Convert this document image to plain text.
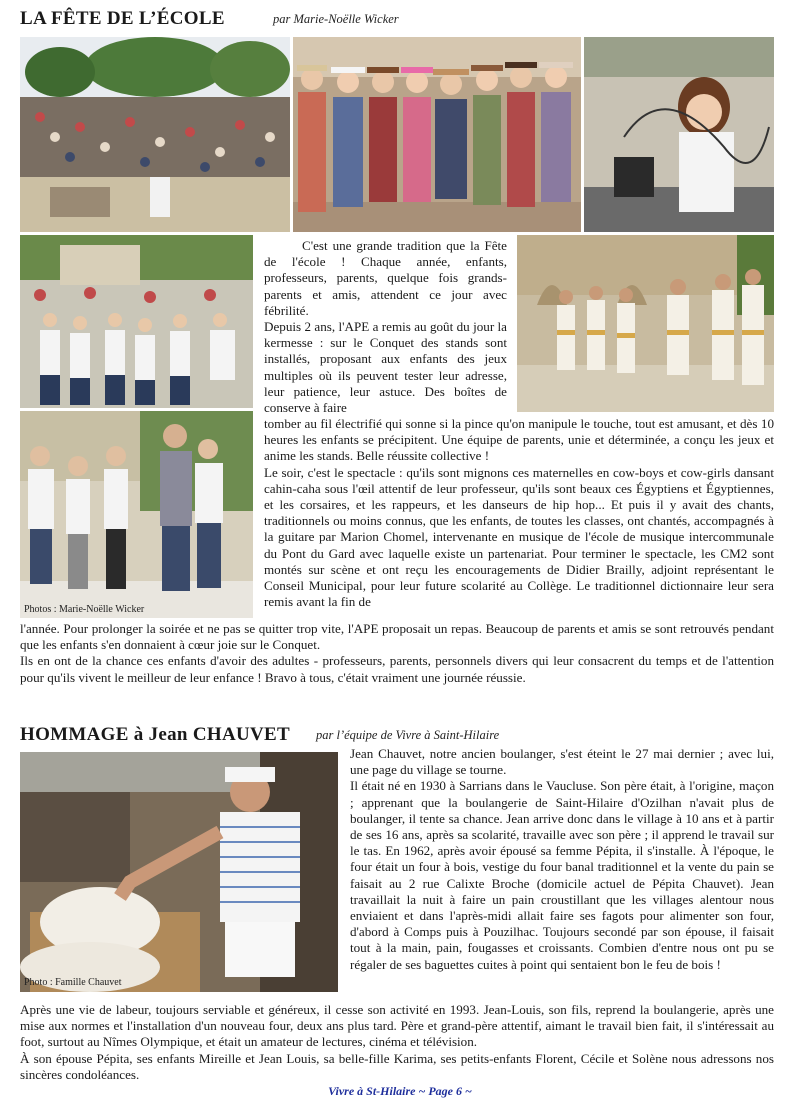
LA FÊTE DE L’ÉCOLE	par Marie-Noëlle Wicker
Photos : Marie-Noëlle Wicker

C'est une grande tradition que la Fête de l'école ! Chaque année, enfants, professeurs, parents, quelque fois grands-parents et amis, attendent ce jour avec fébrilité.

Depuis 2 ans, l'APE a remis au goût du jour la kermesse : sur le Conquet des stands sont installés, proposant aux enfants des jeux multiples où ils peuvent tester leur adresse, leur patience, leur astuce. Des boîtes de conserve à faire

tomber au fil électrifié qui sonne si la pince qu'on manipule le touche, tout est amusant, et dès 10 heures les enfants se précipitent. Une équipe de parents, unie et déterminée, a conçu les jeux et anime les stands. Belle réussite collective !

Le soir, c'est le spectacle : qu'ils sont mignons ces maternelles en cow-boys et cow-girls dansant cahin-caha sous l'œil attentif de leur professeur, qu'ils sont beaux ces Égyptiens et Égyptiennes, et les corsaires, et les rappeurs, et les danseurs de hip hop... Et puis il y avait des chants, traditionnels ou moins connus, que les enfants, de toutes les classes, ont chantés, accompagnés à la guitare par Marion Chomel, intervenante en musique de l'école de musique intercommunale du Pont du Gard avec laquelle existe un partenariat. Pour terminer le spectacle, les CM2 sont montés sur scène et ont reçu les encouragements de Didier Brailly, adjoint représentant le Conseil Municipal, pour leur future scolarité au Collège. Le traditionnel dictionnaire leur sera remis avant la fin de

l'année. Pour prolonger la soirée et ne pas se quitter trop vite, l'APE proposait un repas. Beaucoup de parents et amis se sont retrouvés pendant que les enfants s'en donnaient à cœur joie sur le Conquet.

Ils en ont de la chance ces enfants d'avoir des adultes - professeurs, parents, personnels divers qui leur consacrent du temps et de l'attention pour qu'ils vivent le meilleur de leur enfance ! Bravo à tous, c'était vraiment une journée réussie.

HOMMAGE à Jean CHAUVET par l’équipe de Vivre à Saint-Hilaire
Photo : Famille Chauvet

Jean Chauvet, notre ancien boulanger, s'est éteint le 27 mai dernier ; avec lui, une page du village se tourne.

Il était né en 1930 à Sarrians dans le Vaucluse. Son père était, à l'origine, maçon ; apprenant que la boulangerie de Saint-Hilaire d'Ozilhan n'avait plus de boulanger, il tente sa chance. Jean arrive donc dans le village à 10 ans et à partir de ses 16 ans, après sa scolarité, travaille avec son père ; il apprend le travail sur le tas. En 1962, après avoir épousé sa femme Pépita, il s'installe. À l'époque, le four était un four à bois, vestige du four banal traditionnel et la vente du pain se faisait au 2 rue Calixte Broche (domicile actuel de Pépita Chauvet). Jean travaillait la nuit à faire un pain croustillant que les villages alentour nous enviaient et dans l'après-midi allait faire ses fagots pour alimenter son four, d'abord à Comps puis à Pouzilhac. Toujours secondé par son épouse, il faisait tout à la main, pain, fougasses et croissants. Combien d'entre nous ont pu se régaler de ses baguettes cuites à point qui sentaient bon le feu de bois !

Après une vie de labeur, toujours serviable et généreux, il cesse son activité en 1993. Jean-Louis, son fils, reprend la boulangerie, après une mise aux normes et l'installation d'un nouveau four, deux ans plus tard. Père et grand-père attentif, aimant le travail bien fait, il s'intéressait au foot, surtout au Nîmes Olympique, et était un amateur de lectures, cinéma et télévision.

À son épouse Pépita, ses enfants Mireille et Jean Louis, sa belle-fille Karima, ses petits-enfants Florent, Cécile et Solène nous adressons nos sincères condoléances.

Vivre à St-Hilaire ~ Page 6 ~
